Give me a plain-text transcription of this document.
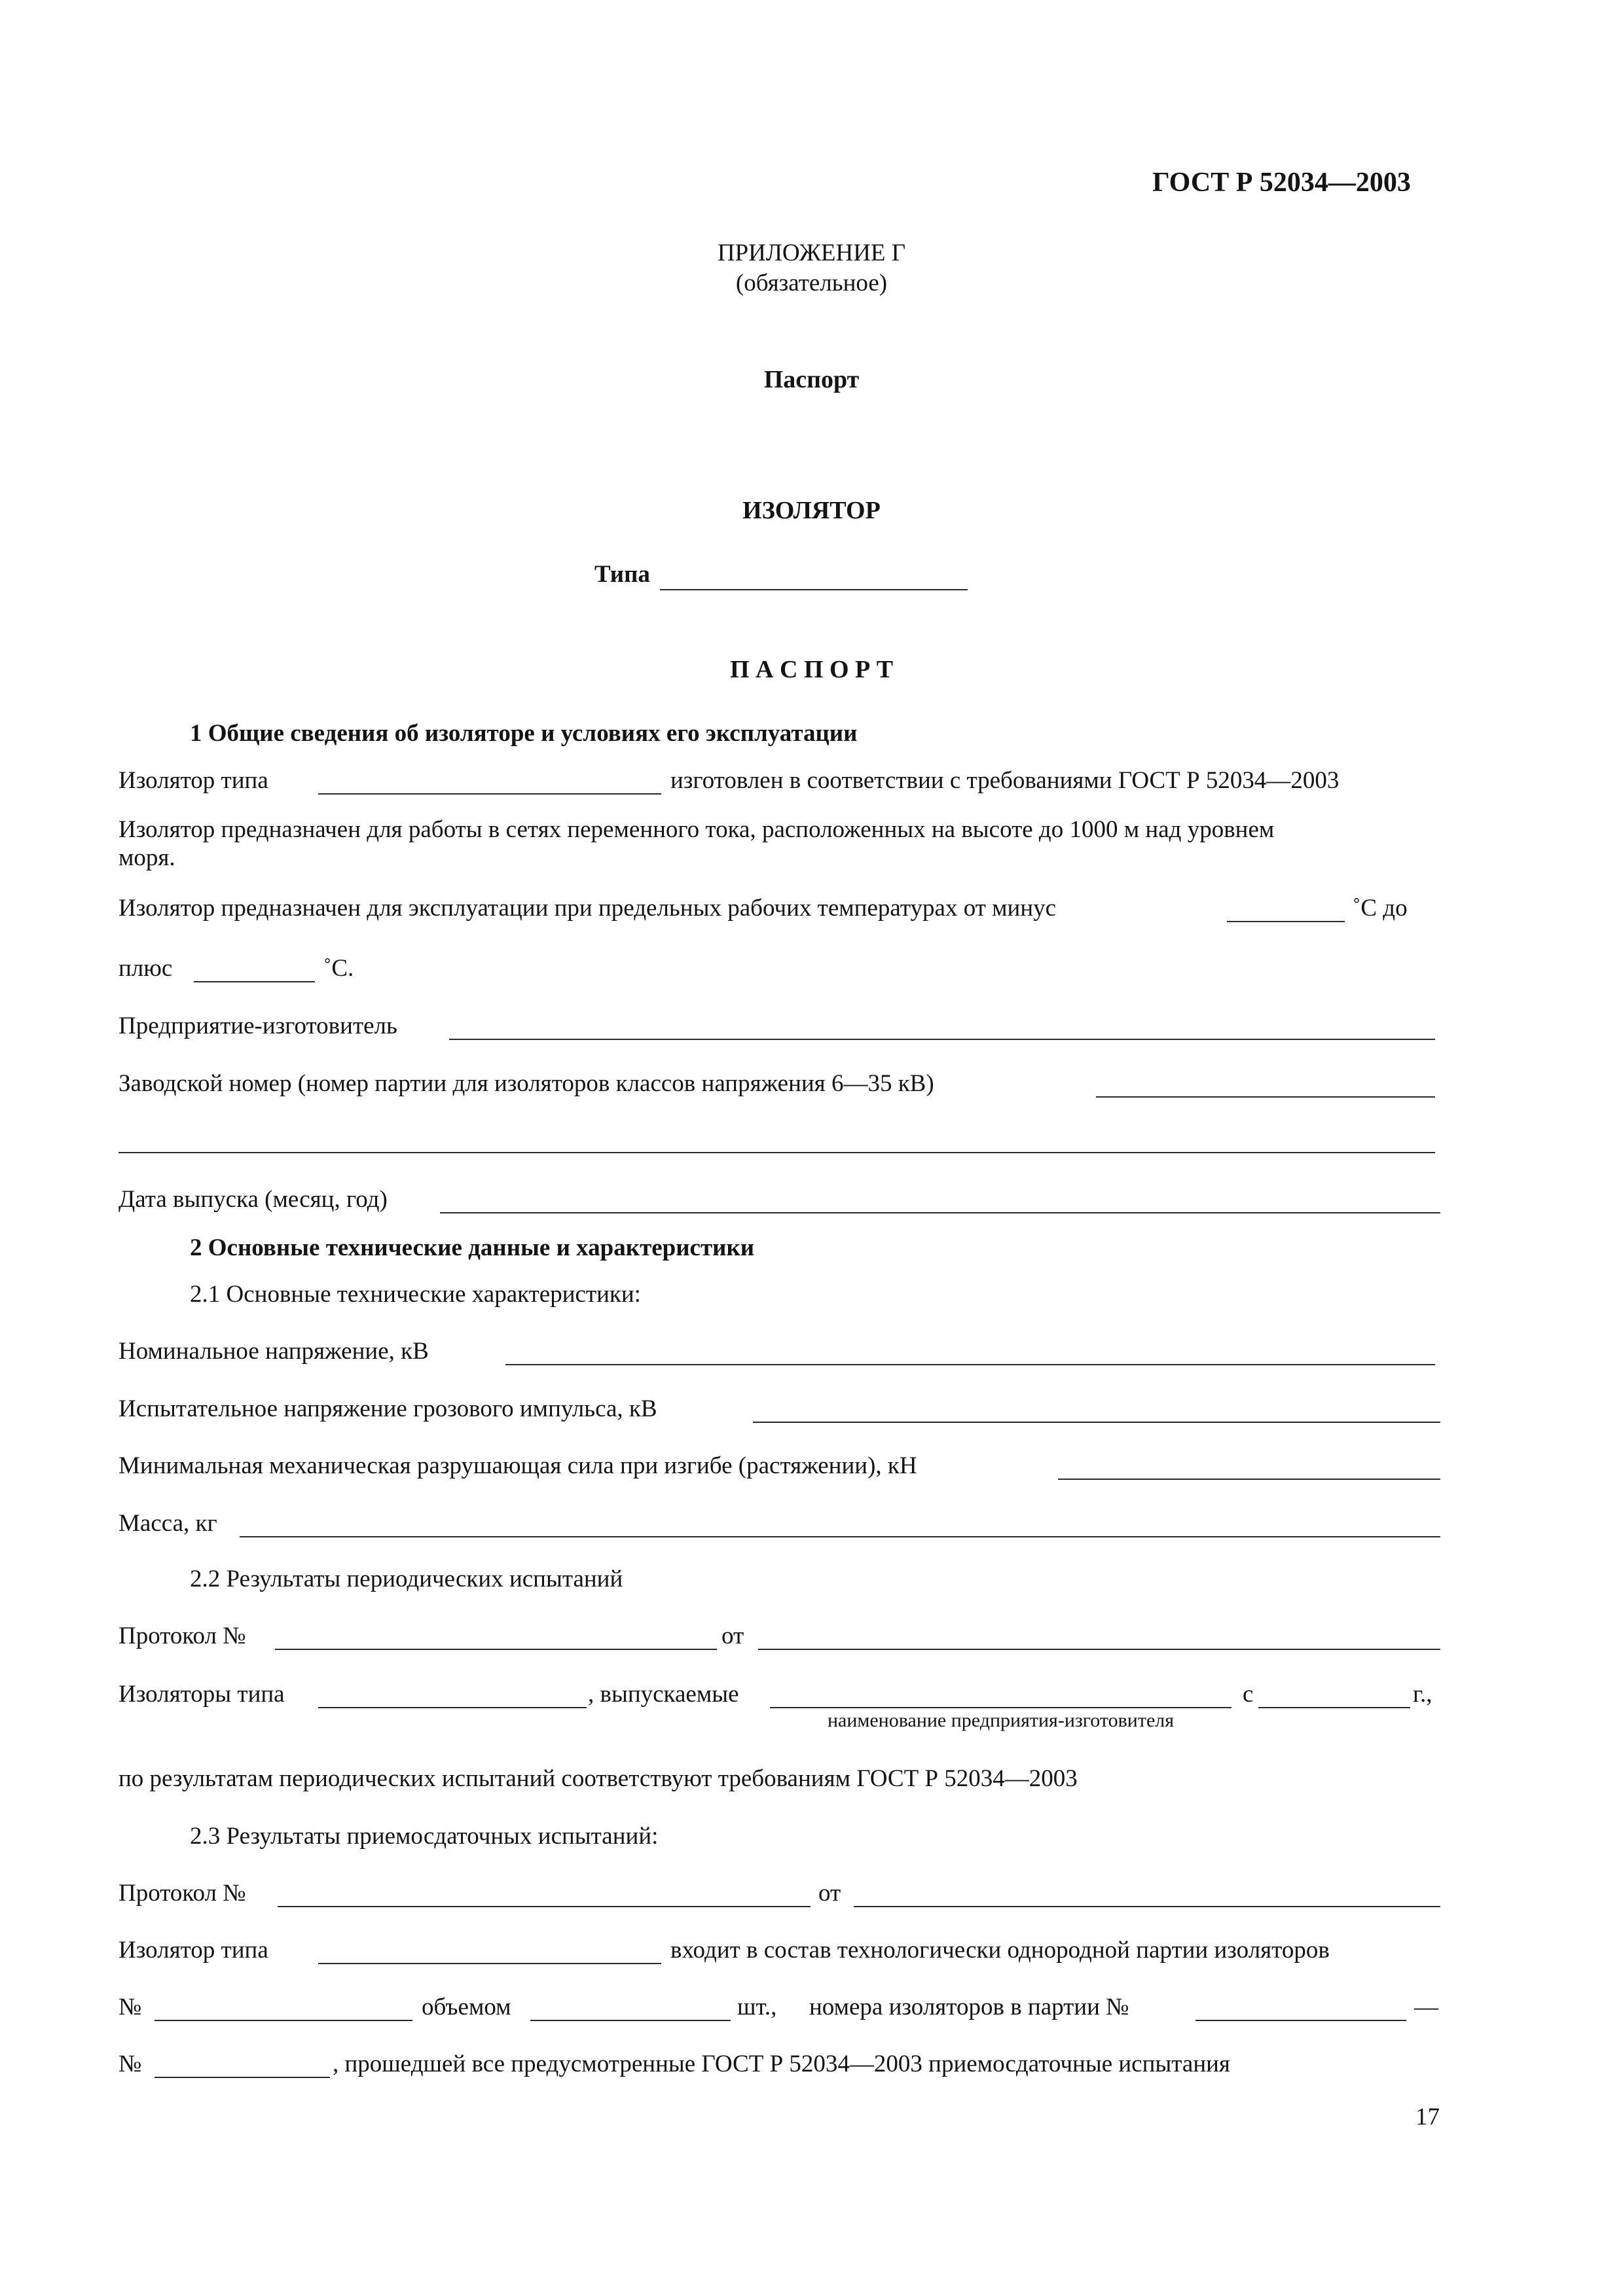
ГОСТ Р 52034—2003
ПРИЛОЖЕНИЕ Г
(обязательное)
Паспорт
ИЗОЛЯТОР
Типа
П А С П О Р Т
1 Общие сведения об изоляторе и условиях его эксплуатации
Изолятор типа	изготовлен в соответствии с требованиями ГОСТ Р 52034—2003
Изолятор предназначен для работы в сетях переменного тока, расположенных на высоте до 1000 м над уровнем
моря.
Изолятор предназначен для эксплуатации при предельных рабочих температурах от минус	˚С до
плюс	˚С.
Предприятие-изготовитель
Заводской номер (номер партии для изоляторов классов напряжения 6—35 кВ)
Дата выпуска (месяц, год)
2 Основные технические данные и характеристики
2.1 Основные технические характеристики:
Номинальное напряжение, кВ
Испытательное напряжение грозового импульса, кВ
Минимальная механическая разрушающая сила при изгибе (растяжении), кН
Масса, кг
2.2 Результаты периодических испытаний
Протокол №	от
Изоляторы типа	, выпускаемые
наименование предприятия-изготовителя
с	г.,
по результатам периодических испытаний соответствуют требованиям ГОСТ Р 52034—2003
2.3 Результаты приемосдаточных испытаний:
Протокол №	от
Изолятор типа	входит в состав технологически однородной партии изоляторов
№	объемом	шт., номера изоляторов в партии №	—
№	, прошедшей все предусмотренные ГОСТ Р 52034—2003 приемосдаточные испытания
17
